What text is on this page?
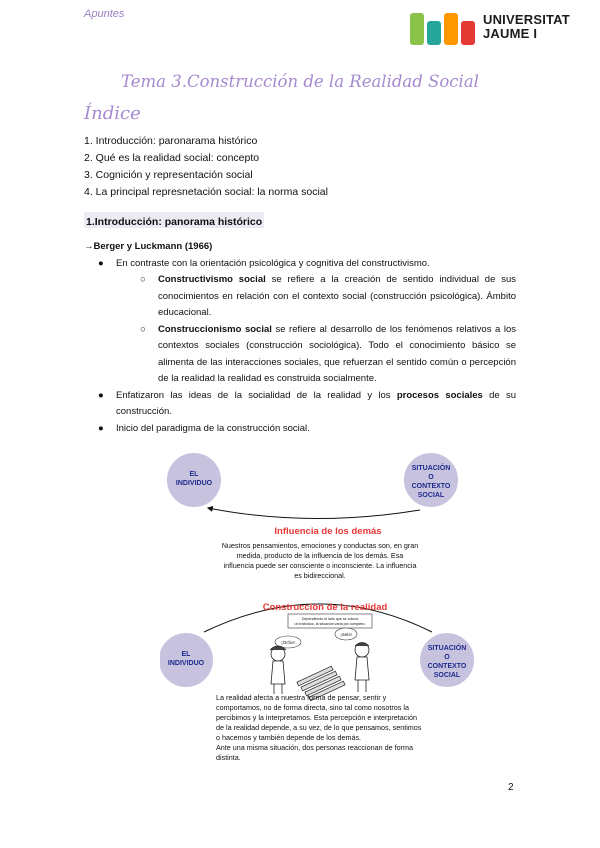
Apuntes	UNIVERSITAT
JAUME I
Tema 3.Construcción de la Realidad Social
Índice
1. Introducción: paronarama histórico
2. Qué es la realidad social: concepto
3. Cognición y representación social
4. La principal represnetación social: la norma social
1.Introducción: panorama histórico

→Berger y Luckmann (1966)

● En contraste con la orientación psicológica y cognitiva del constructivismo.

○ Constructivismo social se refiere a la creación de sentido individual de sus conocimientos en relación con el contexto social (construcción psicológica). Ámbito educacional.

○ Construccionismo social se refiere al desarrollo de los fenómenos relativos a los contextos sociales (construcción sociológica). Todo el conocimiento básico se alimenta de las interacciones sociales, que refuerzan el sentido común o percepción de la realidad la realidad es construida socialmente.

● Enfatizaron las ideas de la socialidad de la realidad y los procesos sociales de su construcción.

● Inicio del paradigma de la construcción social.

EL
INDIVIDUO
SITUACIÓN
O
CONTEXTO
SOCIAL
Influencia de los demás
Nuestros pensamientos, emociones y conductas son, en gran
medida, producto de la influencia de los demás. Esa
influencia puede ser consciente o inconsciente. La influencia
es bidireccional.
Construcción de la realidad
EL
INDIVIDUO
SITUACIÓN
O
CONTEXTO
SOCIAL
Dependiendo el lado que se coloca
un individuo, la situación varía por completo.
¡Ocho!
¡Seis!
La realidad afecta a nuestra forma de pensar, sentir y
comportamos, no de forma directa, sino tal como nosotros la
percibimos y la interpretamos. Esta percepción e interpretación
de la realidad depende, a su vez, de lo que pensamos, sentimos
o hacemos y también depende de los demás.
Ante una misma situación, dos personas reaccionan de forma
distinta.
2
